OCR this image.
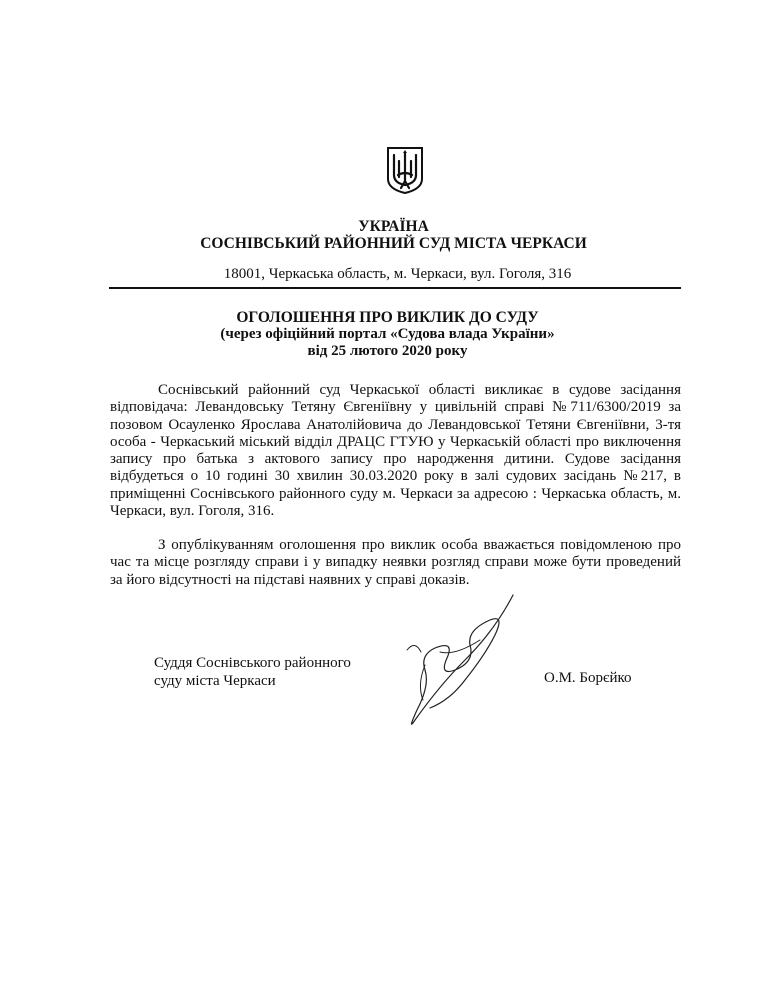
УКРАЇНА
СОСНІВСЬКИЙ РАЙОННИЙ СУД МІСТА ЧЕРКАСИ
18001, Черкаська область, м. Черкаси, вул. Гоголя, 316
ОГОЛОШЕННЯ ПРО ВИКЛИК ДО СУДУ
(через офіційний портал «Судова влада України»
від 25 лютого 2020 року
Соснівський районний суд Черкаської області викликає в судове засідання відповідача: Левандовську Тетяну Євгеніївну у цивільній справі №711/6300/2019 за позовом Осауленко Ярослава Анатолійовича до Левандовської Тетяни Євгеніївни, 3-тя особа - Черкаський міський відділ ДРАЦС ГТУЮ у Черкаській області про виключення запису про батька з актового запису про народження дитини. Судове засідання відбудеться о 10 годині 30 хвилин 30.03.2020 року в залі судових засідань №217, в приміщенні Соснівського районного суду м. Черкаси за адресою : Черкаська область, м. Черкаси, вул. Гоголя, 316.
З опублікуванням оголошення про виклик особа вважається повідомленою про час та місце розгляду справи і у випадку неявки розгляд справи може бути проведений за його відсутності на підставі наявних у справі доказів.
Суддя Соснівського районного
суду міста Черкаси	О.М. Борєйко
